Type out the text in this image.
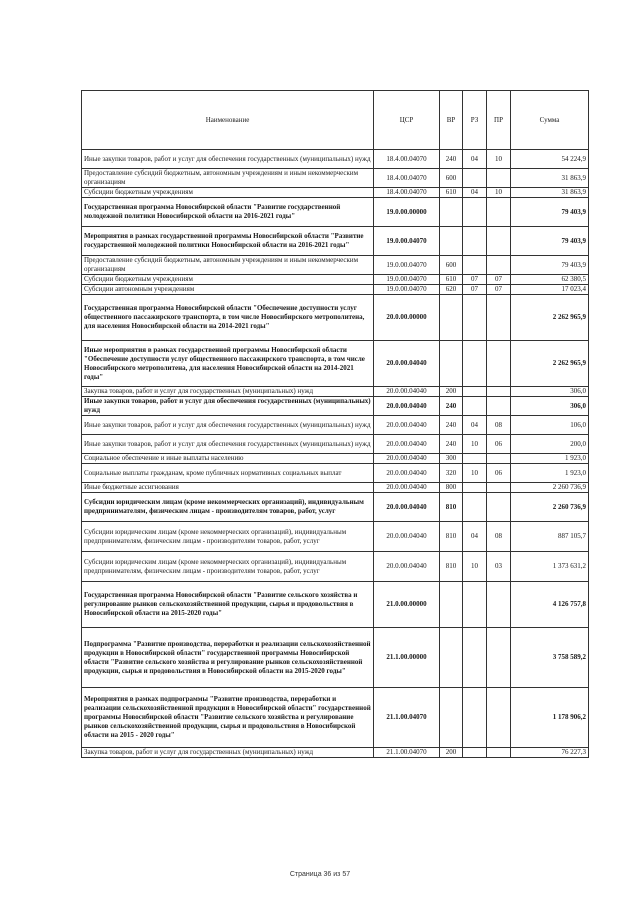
Наименование	ЦСР	ВР	РЗ	ПР	Сумма
Иные закупки товаров, работ и услуг для обеспечения государственных (муниципальных) нужд	18.4.00.04070	240	04	10	54 224,9
Предоставление субсидий бюджетным, автономным учреждениям и иным некоммерческим организациям	18.4.00.04070	600			31 863,9
Субсидии бюджетным учреждениям	18.4.00.04070	610	04	10	31 863,9
Государственная программа Новосибирской области "Развитие государственной молодежной политики Новосибирской области на 2016-2021 годы"	19.0.00.00000				79 403,9
Мероприятия в рамках государственной программы Новосибирской области "Развитие государственной молодежной политики Новосибирской области на 2016-2021 годы"	19.0.00.04070				79 403,9
Предоставление субсидий бюджетным, автономным учреждениям и иным некоммерческим организациям	19.0.00.04070	600			79 403,9
Субсидии бюджетным учреждениям	19.0.00.04070	610	07	07	62 380,5
Субсидии автономным учреждениям	19.0.00.04070	620	07	07	17 023,4
Государственная программа Новосибирской области "Обеспечение доступности услуг общественного пассажирского транспорта, в том числе Новосибирского метрополитена, для населения Новосибирской области на 2014-2021 годы"	20.0.00.00000				2 262 965,9
Иные мероприятия в рамках государственной программы Новосибирской области "Обеспечение доступности услуг общественного пассажирского транспорта, в том числе Новосибирского метрополитена, для населения Новосибирской области на 2014-2021 годы"	20.0.00.04040				2 262 965,9
Закупка товаров, работ и услуг для государственных (муниципальных) нужд	20.0.00.04040	200			306,0
Иные закупки товаров, работ и услуг для обеспечения государственных (муниципальных) нужд	20.0.00.04040	240			306,0
Иные закупки товаров, работ и услуг для обеспечения государственных (муниципальных) нужд	20.0.00.04040	240	04	08	106,0
Иные закупки товаров, работ и услуг для обеспечения государственных (муниципальных) нужд	20.0.00.04040	240	10	06	200,0
Социальное обеспечение и иные выплаты населению	20.0.00.04040	300			1 923,0
Социальные выплаты гражданам, кроме публичных нормативных социальных выплат	20.0.00.04040	320	10	06	1 923,0
Иные бюджетные ассигнования	20.0.00.04040	800			2 260 736,9
Субсидии юридическим лицам (кроме некоммерческих организаций), индивидуальным предпринимателям, физическим лицам - производителям товаров, работ, услуг	20.0.00.04040	810			2 260 736,9
Субсидии юридическим лицам (кроме некоммерческих организаций), индивидуальным предпринимателям, физическим лицам - производителям товаров, работ, услуг	20.0.00.04040	810	04	08	887 105,7
Субсидии юридическим лицам (кроме некоммерческих организаций), индивидуальным предпринимателям, физическим лицам - производителям товаров, работ, услуг	20.0.00.04040	810	10	03	1 373 631,2
Государственная программа Новосибирской области "Развитие сельского хозяйства и регулирование рынков сельскохозяйственной продукции, сырья и продовольствия в Новосибирской области на 2015-2020 годы"	21.0.00.00000				4 126 757,8
Подпрограмма "Развитие производства, переработки и реализации сельскохозяйственной продукции в Новосибирской области" государственной программы Новосибирской области "Развитие сельского хозяйства и регулирование рынков сельскохозяйственной продукции, сырья и продовольствия в Новосибирской области на 2015-2020 годы"	21.1.00.00000				3 758 589,2
Мероприятия в рамках подпрограммы "Развитие производства, переработки и реализации сельскохозяйственной продукции в Новосибирской области" государственной программы Новосибирской области "Развитие сельского хозяйства и регулирование рынков сельскохозяйственной продукции, сырья и продовольствия в Новосибирской области на 2015 - 2020 годы"	21.1.00.04070				1 178 906,2
Закупка товаров, работ и услуг для государственных (муниципальных) нужд	21.1.00.04070	200			76 227,3
Страница 36 из 57
